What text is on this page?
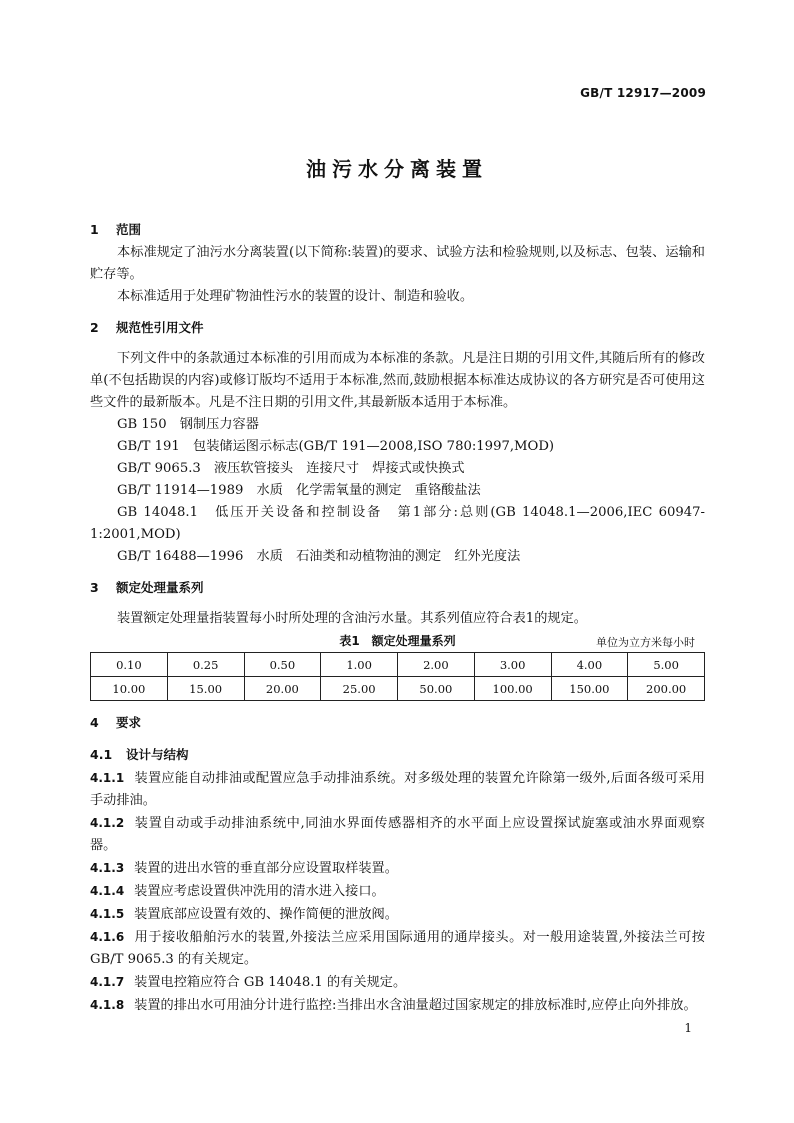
GB/T 12917—2009
油污水分离装置
1 范围

本标准规定了油污水分离装置(以下简称:装置)的要求、试验方法和检验规则,以及标志、包装、运输和贮存等。

本标准适用于处理矿物油性污水的装置的设计、制造和验收。

2 规范性引用文件

下列文件中的条款通过本标准的引用而成为本标准的条款。凡是注日期的引用文件,其随后所有的修改单(不包括勘误的内容)或修订版均不适用于本标准,然而,鼓励根据本标准达成协议的各方研究是否可使用这些文件的最新版本。凡是不注日期的引用文件,其最新版本适用于本标准。

GB 150　钢制压力容器

GB/T 191　包装储运图示标志(GB/T 191—2008,ISO 780:1997,MOD)

GB/T 9065.3　液压软管接头　连接尺寸　焊接式或快换式

GB/T 11914—1989　水质　化学需氧量的测定　重铬酸盐法

GB 14048.1　低压开关设备和控制设备　第1部分:总则(GB 14048.1—2006,IEC 60947-1:2001,MOD)

GB/T 16488—1996　水质　石油类和动植物油的测定　红外光度法

3 额定处理量系列

装置额定处理量指装置每小时所处理的含油污水量。其系列值应符合表1的规定。

表1　额定处理量系列	单位为立方米每小时
0.10	0.25	0.50	1.00	2.00	3.00	4.00	5.00
10.00	15.00	20.00	25.00	50.00	100.00	150.00	200.00
4 要求
4.1 设计与结构

4.1.1 装置应能自动排油或配置应急手动排油系统。对多级处理的装置允许除第一级外,后面各级可采用手动排油。

4.1.2 装置自动或手动排油系统中,同油水界面传感器相齐的水平面上应设置探试旋塞或油水界面观察器。

4.1.3 装置的进出水管的垂直部分应设置取样装置。

4.1.4 装置应考虑设置供冲洗用的清水进入接口。

4.1.5 装置底部应设置有效的、操作简便的泄放阀。

4.1.6 用于接收船舶污水的装置,外接法兰应采用国际通用的通岸接头。对一般用途装置,外接法兰可按 GB/T 9065.3 的有关规定。

4.1.7 装置电控箱应符合 GB 14048.1 的有关规定。

4.1.8 装置的排出水可用油分计进行监控:当排出水含油量超过国家规定的排放标准时,应停止向外排放。

1
